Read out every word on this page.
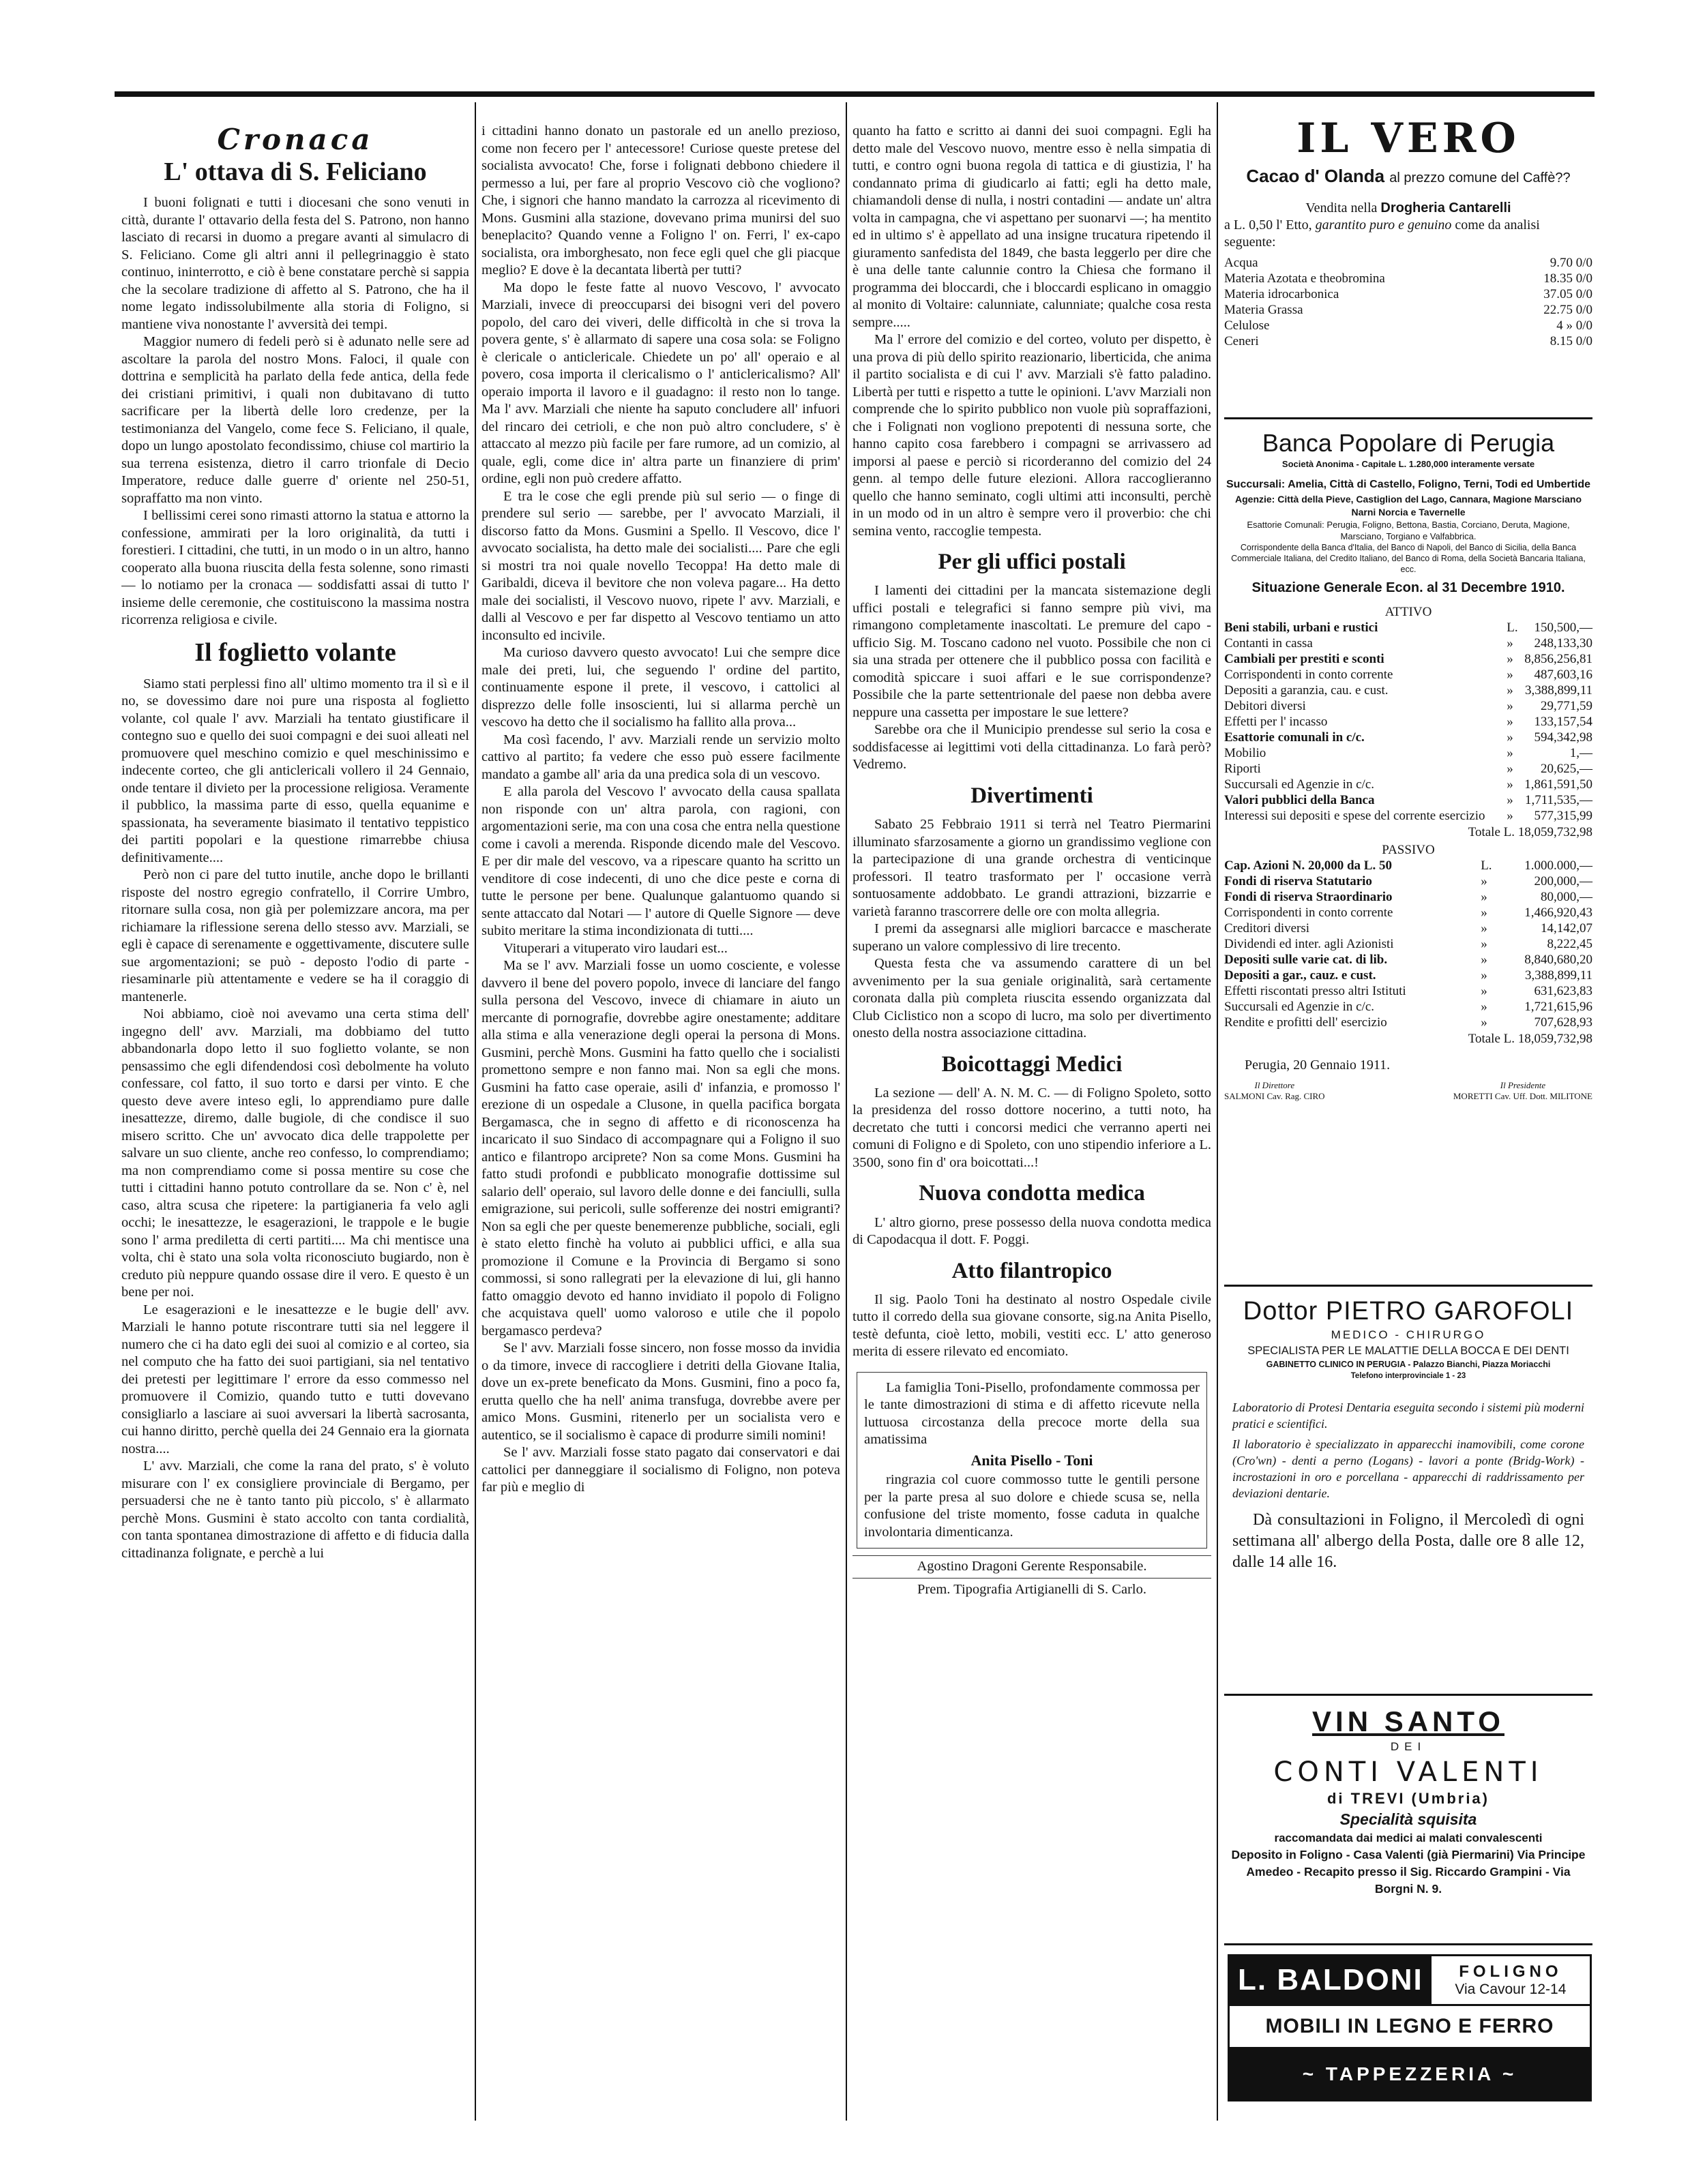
Cronaca
L' ottava di S. Feliciano

I buoni folignati e tutti i diocesani che sono venuti in città, durante l' ottavario della festa del S. Patrono, non hanno lasciato di recarsi in duomo a pregare avanti al simulacro di S. Feliciano. Come gli altri anni il pellegrinaggio è stato continuo, ininterrotto, e ciò è bene constatare perchè si sappia che la secolare tradizione di affetto al S. Patrono, che ha il nome legato indissolubilmente alla storia di Foligno, si mantiene viva nonostante l' avversità dei tempi.

Maggior numero di fedeli però si è adunato nelle sere ad ascoltare la parola del nostro Mons. Faloci, il quale con dottrina e semplicità ha parlato della fede antica, della fede dei cristiani primitivi, i quali non dubitavano di tutto sacrificare per la libertà delle loro credenze, per la testimonianza del Vangelo, come fece S. Feliciano, il quale, dopo un lungo apostolato fecondissimo, chiuse col martirio la sua terrena esistenza, dietro il carro trionfale di Decio Imperatore, reduce dalle guerre d' oriente nel 250-51, sopraffatto ma non vinto.

I bellissimi cerei sono rimasti attorno la statua e attorno la confessione, ammirati per la loro originalità, da tutti i forestieri. I cittadini, che tutti, in un modo o in un altro, hanno cooperato alla buona riuscita della festa solenne, sono rimasti — lo notiamo per la cronaca — soddisfatti assai di tutto l' insieme delle ceremonie, che costituiscono la massima nostra ricorrenza religiosa e civile.

Il foglietto volante

Siamo stati perplessi fino all' ultimo momento tra il sì e il no, se dovessimo dare noi pure una risposta al foglietto volante, col quale l' avv. Marziali ha tentato giustificare il contegno suo e quello dei suoi compagni e dei suoi alleati nel promuovere quel meschino comizio e quel meschinissimo e indecente corteo, che gli anticlericali vollero il 24 Gennaio, onde tentare il divieto per la processione religiosa. Veramente il pubblico, la massima parte di esso, quella equanime e spassionata, ha severamente biasimato il tentativo teppistico dei partiti popolari e la questione rimarrebbe chiusa definitivamente....

Però non ci pare del tutto inutile, anche dopo le brillanti risposte del nostro egregio confratello, il Corrire Umbro, ritornare sulla cosa, non già per polemizzare ancora, ma per richiamare la riflessione serena dello stesso avv. Marziali, se egli è capace di serenamente e oggettivamente, discutere sulle sue argomentazioni; se può - deposto l'odio di parte - riesaminarle più attentamente e vedere se ha il coraggio di mantenerle.

Noi abbiamo, cioè noi avevamo una certa stima dell' ingegno dell' avv. Marziali, ma dobbiamo del tutto abbandonarla dopo letto il suo foglietto volante, se non pensassimo che egli difendendosi così debolmente ha voluto confessare, col fatto, il suo torto e darsi per vinto. E che questo deve avere inteso egli, lo apprendiamo pure dalle inesattezze, diremo, dalle bugiole, di che condisce il suo misero scritto. Che un' avvocato dica delle trappolette per salvare un suo cliente, anche reo confesso, lo comprendiamo; ma non comprendiamo come si possa mentire su cose che tutti i cittadini hanno potuto controllare da se. Non c' è, nel caso, altra scusa che ripetere: la partigianeria fa velo agli occhi; le inesattezze, le esagerazioni, le trappole e le bugie sono l' arma prediletta di certi partiti.... Ma chi mentisce una volta, chi è stato una sola volta riconosciuto bugiardo, non è creduto più neppure quando ossase dire il vero. E questo è un bene per noi.

Le esagerazioni e le inesattezze e le bugie dell' avv. Marziali le hanno potute riscontrare tutti sia nel leggere il numero che ci ha dato egli dei suoi al comizio e al corteo, sia nel computo che ha fatto dei suoi partigiani, sia nel tentativo dei pretesti per legittimare l' errore da esso commesso nel promuovere il Comizio, quando tutto e tutti dovevano consigliarlo a lasciare ai suoi avversari la libertà sacrosanta, cui hanno diritto, perchè quella dei 24 Gennaio era la giornata nostra....

L' avv. Marziali, che come la rana del prato, s' è voluto misurare con l' ex consigliere provinciale di Bergamo, per persuadersi che ne è tanto tanto più piccolo, s' è allarmato perchè Mons. Gusmini è stato accolto con tanta cordialità, con tanta spontanea dimostrazione di affetto e di fiducia dalla cittadinanza folignate, e perchè a lui

i cittadini hanno donato un pastorale ed un anello prezioso, come non fecero per l' antecessore! Curiose queste pretese del socialista avvocato! Che, forse i folignati debbono chiedere il permesso a lui, per fare al proprio Vescovo ciò che vogliono? Che, i signori che hanno mandato la carrozza al ricevimento di Mons. Gusmini alla stazione, dovevano prima munirsi del suo beneplacito? Quando venne a Foligno l' on. Ferri, l' ex-capo socialista, ora imborghesato, non fece egli quel che gli piacque meglio? E dove è la decantata libertà per tutti?

Ma dopo le feste fatte al nuovo Vescovo, l' avvocato Marziali, invece di preoccuparsi dei bisogni veri del povero popolo, del caro dei viveri, delle difficoltà in che si trova la povera gente, s' è allarmato di sapere una cosa sola: se Foligno è clericale o anticlericale. Chiedete un po' all' operaio e al povero, cosa importa il clericalismo o l' anticlericalismo? All' operaio importa il lavoro e il guadagno: il resto non lo tange. Ma l' avv. Marziali che niente ha saputo concludere all' infuori del rincaro dei cetrioli, e che non può altro concludere, s' è attaccato al mezzo più facile per fare rumore, ad un comizio, al quale, egli, come dice in' altra parte un finanziere di prim' ordine, egli non può credere affatto.

E tra le cose che egli prende più sul serio — o finge di prendere sul serio — sarebbe, per l' avvocato Marziali, il discorso fatto da Mons. Gusmini a Spello. Il Vescovo, dice l' avvocato socialista, ha detto male dei socialisti.... Pare che egli si mostri tra noi quale novello Tecoppa! Ha detto male di Garibaldi, diceva il bevitore che non voleva pagare... Ha detto male dei socialisti, il Vescovo nuovo, ripete l' avv. Marziali, e dalli al Vescovo e per far dispetto al Vescovo tentiamo un atto inconsulto ed incivile.

Ma curioso davvero questo avvocato! Lui che sempre dice male dei preti, lui, che seguendo l' ordine del partito, continuamente espone il prete, il vescovo, i cattolici al disprezzo delle folle insoscienti, lui si allarma perchè un vescovo ha detto che il socialismo ha fallito alla prova...

Ma così facendo, l' avv. Marziali rende un servizio molto cattivo al partito; fa vedere che esso può essere facilmente mandato a gambe all' aria da una predica sola di un vescovo.

E alla parola del Vescovo l' avvocato della causa spallata non risponde con un' altra parola, con ragioni, con argomentazioni serie, ma con una cosa che entra nella questione come i cavoli a merenda. Risponde dicendo male del Vescovo. E per dir male del vescovo, va a ripescare quanto ha scritto un venditore di cose indecenti, di uno che dice peste e corna di tutte le persone per bene. Qualunque galantuomo quando si sente attaccato dal Notari — l' autore di Quelle Signore — deve subito meritare la stima incondizionata di tutti....

Vituperari a vituperato viro laudari est...

Ma se l' avv. Marziali fosse un uomo cosciente, e volesse davvero il bene del povero popolo, invece di lanciare del fango sulla persona del Vescovo, invece di chiamare in aiuto un mercante di pornografie, dovrebbe agire onestamente; additare alla stima e alla venerazione degli operai la persona di Mons. Gusmini, perchè Mons. Gusmini ha fatto quello che i socialisti promettono sempre e non fanno mai. Non sa egli che mons. Gusmini ha fatto case operaie, asili d' infanzia, e promosso l' erezione di un ospedale a Clusone, in quella pacifica borgata Bergamasca, che in segno di affetto e di riconoscenza ha incaricato il suo Sindaco di accompagnare qui a Foligno il suo antico e filantropo arciprete? Non sa come Mons. Gusmini ha fatto studi profondi e pubblicato monografie dottissime sul salario dell' operaio, sul lavoro delle donne e dei fanciulli, sulla emigrazione, sui pericoli, sulle sofferenze dei nostri emigranti? Non sa egli che per queste benemerenze pubbliche, sociali, egli è stato eletto finchè ha voluto ai pubblici uffici, e alla sua promozione il Comune e la Provincia di Bergamo si sono commossi, si sono rallegrati per la elevazione di lui, gli hanno fatto omaggio devoto ed hanno invidiato il popolo di Foligno che acquistava quell' uomo valoroso e utile che il popolo bergamasco perdeva?

Se l' avv. Marziali fosse sincero, non fosse mosso da invidia o da timore, invece di raccogliere i detriti della Giovane Italia, dove un ex-prete beneficato da Mons. Gusmini, fino a poco fa, erutta quello che ha nell' anima transfuga, dovrebbe avere per amico Mons. Gusmini, ritenerlo per un socialista vero e autentico, se il socialismo è capace di produrre simili nomini!

Se l' avv. Marziali fosse stato pagato dai conservatori e dai cattolici per danneggiare il socialismo di Foligno, non poteva far più e meglio di

quanto ha fatto e scritto ai danni dei suoi compagni. Egli ha detto male del Vescovo nuovo, mentre esso è nella simpatia di tutti, e contro ogni buona regola di tattica e di giustizia, l' ha condannato prima di giudicarlo ai fatti; egli ha detto male, chiamandoli dense di nulla, i nostri contadini — andate un' altra volta in campagna, che vi aspettano per suonarvi —; ha mentito ed in ultimo s' è appellato ad una insigne trucatura ripetendo il giuramento sanfedista del 1849, che basta leggerlo per dire che è una delle tante calunnie contro la Chiesa che formano il programma dei bloccardi, che i bloccardi esplicano in omaggio al monito di Voltaire: calunniate, calunniate; qualche cosa resta sempre.....

Ma l' errore del comizio e del corteo, voluto per dispetto, è una prova di più dello spirito reazionario, liberticida, che anima il partito socialista e di cui l' avv. Marziali s'è fatto paladino. Libertà per tutti e rispetto a tutte le opinioni. L'avv Marziali non comprende che lo spirito pubblico non vuole più sopraffazioni, che i Folignati non vogliono prepotenti di nessuna sorte, che hanno capito cosa farebbero i compagni se arrivassero ad imporsi al paese e perciò si ricorderanno del comizio del 24 genn. al tempo delle future elezioni. Allora raccoglieranno quello che hanno seminato, cogli ultimi atti inconsulti, perchè in un modo od in un altro è sempre vero il proverbio: che chi semina vento, raccoglie tempesta.

Per gli uffici postali

I lamenti dei cittadini per la mancata sistemazione degli uffici postali e telegrafici si fanno sempre più vivi, ma rimangono completamente inascoltati. Le premure del capo - ufficio Sig. M. Toscano cadono nel vuoto. Possibile che non ci sia una strada per ottenere che il pubblico possa con facilità e comodità spiccare i suoi affari e le sue corrispondenze? Possibile che la parte settentrionale del paese non debba avere neppure una cassetta per impostare le sue lettere?

Sarebbe ora che il Municipio prendesse sul serio la cosa e soddisfacesse ai legittimi voti della cittadinanza. Lo farà però? Vedremo.

Divertimenti

Sabato 25 Febbraio 1911 si terrà nel Teatro Piermarini illuminato sfarzosamente a giorno un grandissimo veglione con la partecipazione di una grande orchestra di venticinque professori. Il teatro trasformato per l' occasione verrà sontuosamente addobbato. Le grandi attrazioni, bizzarrie e varietà faranno trascorrere delle ore con molta allegria.

I premi da assegnarsi alle migliori barcacce e mascherate superano un valore complessivo di lire trecento.

Questa festa che va assumendo carattere di un bel avvenimento per la sua geniale originalità, sarà certamente coronata dalla più completa riuscita essendo organizzata dal Club Ciclistico non a scopo di lucro, ma solo per divertimento onesto della nostra associazione cittadina.

Boicottaggi Medici

La sezione — dell' A. N. M. C. — di Foligno Spoleto, sotto la presidenza del rosso dottore nocerino, a tutti noto, ha decretato che tutti i concorsi medici che verranno aperti nei comuni di Foligno e di Spoleto, con uno stipendio inferiore a L. 3500, sono fin d' ora boicottati...!

Nuova condotta medica

L' altro giorno, prese possesso della nuova condotta medica di Capodacqua il dott. F. Poggi.

Atto filantropico

Il sig. Paolo Toni ha destinato al nostro Ospedale civile tutto il corredo della sua giovane consorte, sig.na Anita Pisello, testè defunta, cioè letto, mobili, vestiti ecc. L' atto generoso merita di essere rilevato ed encomiato.

La famiglia Toni-Pisello, profondamente commossa per le tante dimostrazioni di stima e di affetto ricevute nella luttuosa circostanza della precoce morte della sua amatissima

Anita Pisello - Toni

ringrazia col cuore commosso tutte le gentili persone per la parte presa al suo dolore e chiede scusa se, nella confusione del triste momento, fosse caduta in qualche involontaria dimenticanza.

Agostino Dragoni Gerente Responsabile.
Prem. Tipografia Artigianelli di S. Carlo.
IL VERO
Cacao d' Olanda al prezzo comune del Caffè??
Vendita nella Drogheria Cantarelli
a L. 0,50 l' Etto, garantito puro e genuino come da analisi seguente:
Acqua	9.70 0/0
Materia Azotata e theobromina	18.35 0/0
Materia idrocarbonica	37.05 0/0
Materia Grassa	22.75 0/0
Celulose	4 » 0/0
Ceneri	8.15 0/0
Banca Popolare di Perugia
Società Anonima - Capitale L. 1.280,000 interamente versate
Succursali: Amelia, Città di Castello, Foligno, Terni, Todi ed Umbertide
Agenzie: Città della Pieve, Castiglion del Lago, Cannara, Magione Marsciano Narni Norcia e Tavernelle
Esattorie Comunali: Perugia, Foligno, Bettona, Bastia, Corciano, Deruta, Magione, Marsciano, Torgiano e Valfabbrica.
Corrispondente della Banca d'Italia, del Banco di Napoli, del Banco di Sicilia, della Banca Commerciale Italiana, del Credito Italiano, del Banco di Roma, della Società Bancaria Italiana, ecc.
Situazione Generale Econ. al 31 Decembre 1910.
ATTIVO
Beni stabili, urbani e rustici	L.	150,500,—
Contanti in cassa	»	248,133,30
Cambiali per prestiti e sconti	»	8,856,256,81
Corrispondenti in conto corrente	»	487,603,16
Depositi a garanzia, cau. e cust.	»	3,388,899,11
Debitori diversi	»	29,771,59
Effetti per l' incasso	»	133,157,54
Esattorie comunali in c/c.	»	594,342,98
Mobilio	»	1,—
Riporti	»	20,625,—
Succursali ed Agenzie in c/c.	»	1,861,591,50
Valori pubblici della Banca	»	1,711,535,—
Interessi sui depositi e spese del corrente esercizio	»	577,315,99
Totale L. 18,059,732,98
PASSIVO
Cap. Azioni N. 20,000 da L. 50	L.	1.000.000,—
Fondi di riserva Statutario	»	200,000,—
Fondi di riserva Straordinario	»	80,000,—
Corrispondenti in conto corrente	»	1,466,920,43
Creditori diversi	»	14,142,07
Dividendi ed inter. agli Azionisti	»	8,222,45
Depositi sulle varie cat. di lib.	»	8,840,680,20
Depositi a gar., cauz. e cust.	»	3,388,899,11
Effetti riscontati presso altri Istituti	»	631,623,83
Succursali ed Agenzie in c/c.	»	1,721,615,96
Rendite e profitti dell' esercizio	»	707,628,93
Totale L. 18,059,732,98
Perugia, 20 Gennaio 1911.
Il Direttore
SALMONI Cav. Rag. CIRO
Il Presidente
MORETTI Cav. Uff. Dott. MILITONE
Dottor PIETRO GAROFOLI
MEDICO - CHIRURGO
SPECIALISTA PER LE MALATTIE DELLA BOCCA E DEI DENTI
GABINETTO CLINICO IN PERUGIA - Palazzo Bianchi, Piazza Moriacchi
Telefono interprovinciale 1 - 23
Laboratorio di Protesi Dentaria eseguita secondo i sistemi più moderni pratici e scientifici.
Il laboratorio è specializzato in apparecchi inamovibili, come corone (Cro'wn) - denti a perno (Logans) - lavori a ponte (Bridg-Work) - incrostazioni in oro e porcellana - apparecchi di raddrissamento per deviazioni dentarie.
Dà consultazioni in Foligno, il Mercoledì di ogni settimana all' albergo della Posta, dalle ore 8 alle 12, dalle 14 alle 16.
VIN SANTO
DEI
CONTI VALENTI
di TREVI (Umbria)
Specialità squisita
raccomandata dai medici ai malati convalescenti
Deposito in Foligno - Casa Valenti (già Piermarini) Via Principe Amedeo - Recapito presso il Sig. Riccardo Grampini - Via Borgni N. 9.
L. BALDONI	FOLIGNO
Via Cavour 12-14
MOBILI IN LEGNO E FERRO
~ TAPPEZZERIA ~
